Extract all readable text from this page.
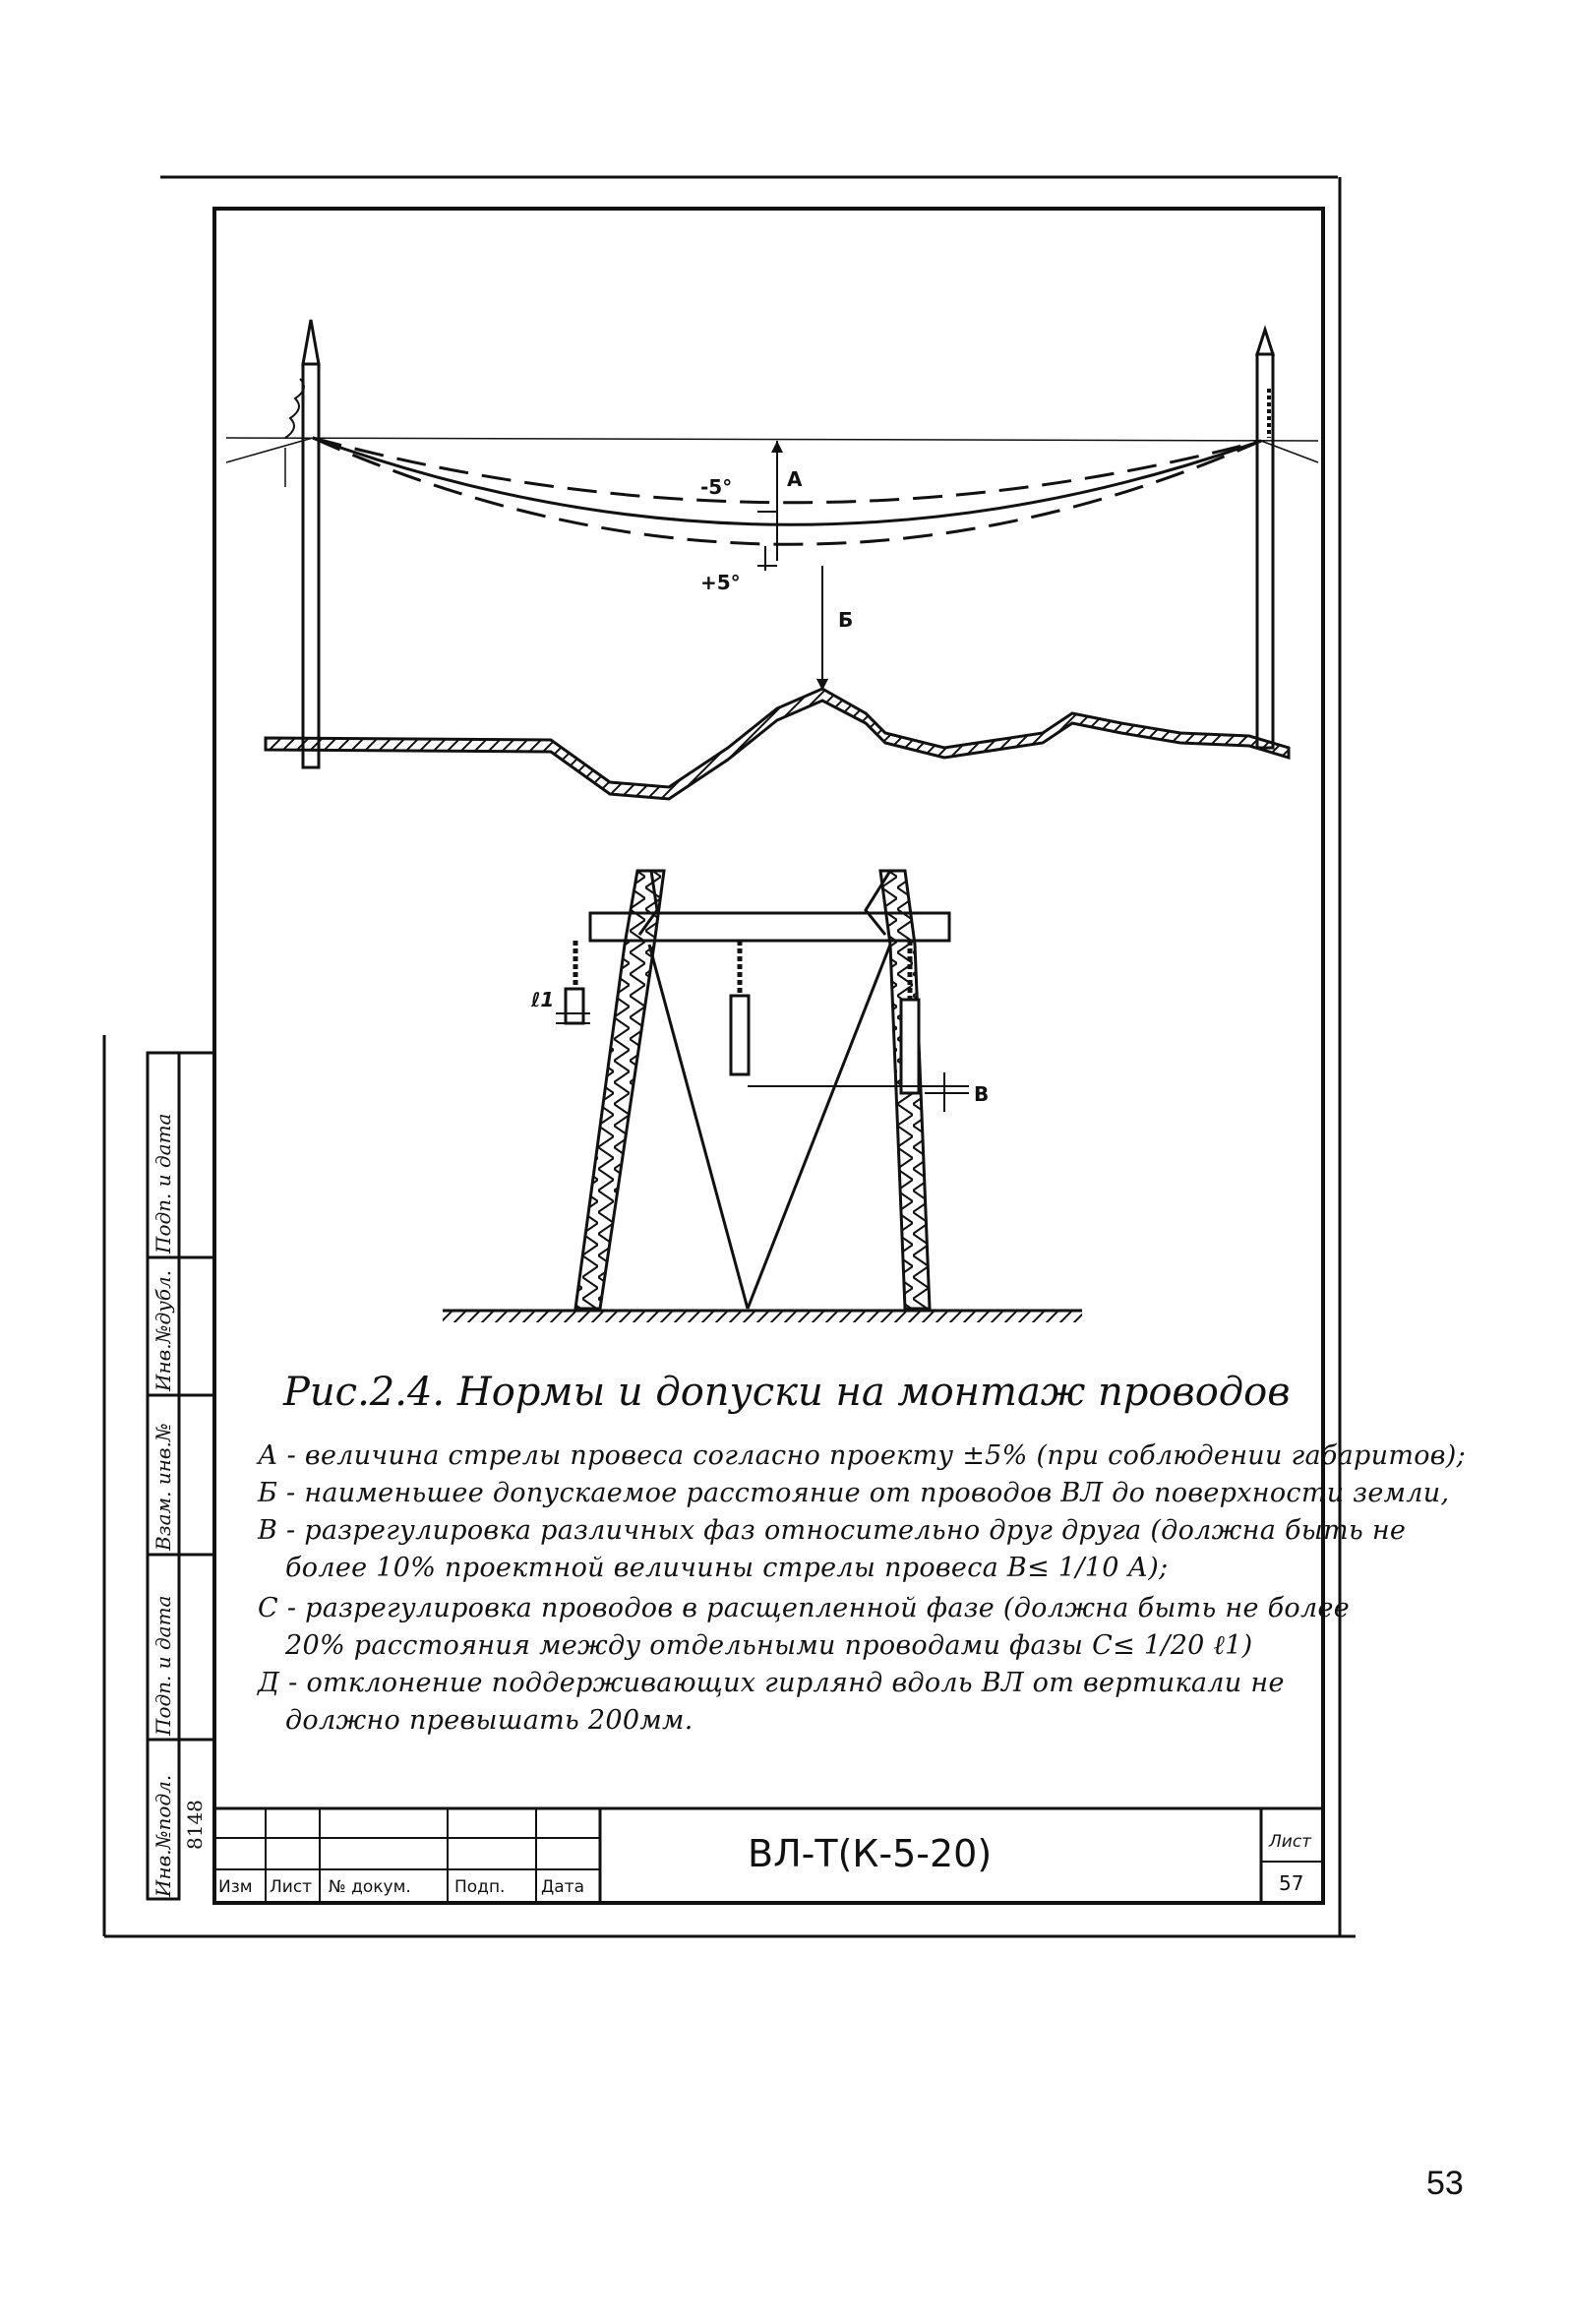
-5°	А
+5°
Б
ℓ1
В
Рис.2.4. Нормы и допуски на монтаж проводов
А - величина стрелы провеса согласно проекту ±5% (при соблюдении габаритов);
Б - наименьшее допускаемое расстояние от проводов ВЛ до поверхности земли,
В - разрегулировка различных фаз относительно друг друга (должна быть не
более 10% проектной величины стрелы провеса В≤ 1/10 А);
С - разрегулировка проводов в расщепленной фазе (должна быть не более
20% расстояния между отдельными проводами фазы С≤ 1/20 ℓ1)
Д - отклонение поддерживающих гирлянд вдоль ВЛ от вертикали не
должно превышать 200мм.
Инв.№подл. 8148
Подп. и дата
Взам. инв.№
Инв.№дубл.
Подп. и дата
Изм Лист № докум.	Подп. Дата
ВЛ-Т(К-5-20)	Лист
57
53
